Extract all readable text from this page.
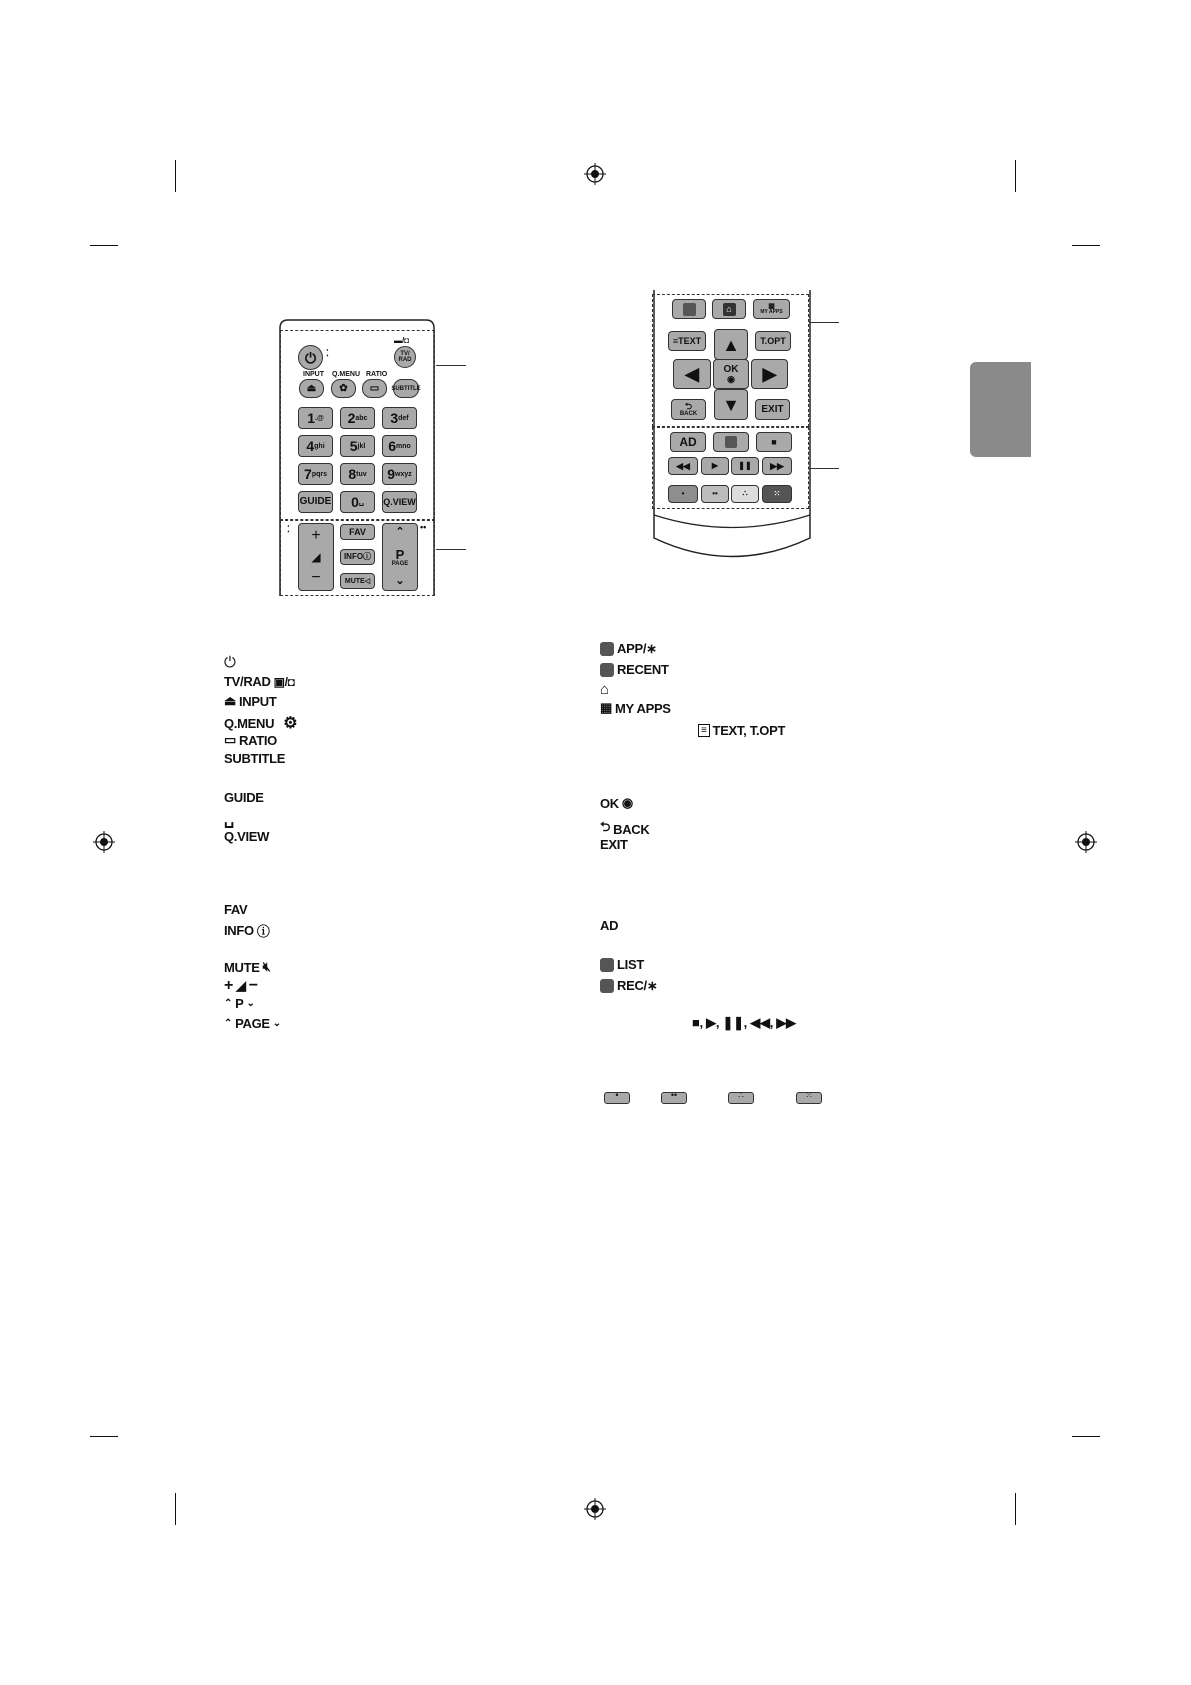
⏻	⁚
▬/◘
TV/
RAD
INPUT Q.MENU RATIO
⏏	✿	▭	SUBTITLE
1 .@ 2 abc 3 def
4 ghi 5 jkl 6 mno
7 pqrs 8 tuv 9 wxyz
GUIDE 0 ␣ Q.VIEW
⁚ +
◢
−
FAV
INFO ⓘ
MUTE ◁
••
⌃
P
PAGE
⌄
⌂	▦
MY APPS
≡ TEXT	T.OPT
▲
◀	OK
◉	▶
▼
⮌
BACK	EXIT
AD	■
◀◀	▶	❚❚	▶▶
•	••	∴	⁙
⏻
TV/RAD ▣/◘
⏏ INPUT
Q.MENU ⚙
▭ RATIO
SUBTITLE
GUIDE
␣
Q.VIEW
FAV
INFO ⓘ
MUTE 🔇︎
+ ◢ −
⌃ P ⌄
⌃ PAGE ⌄
APP/∗
RECENT
⌂
▦ MY APPS
≡ TEXT, T.OPT
OK ◉
⮌ BACK
EXIT
AD
LIST
REC/∗
■, ▶, ❚❚, ◀◀, ▶▶
•	••	∴	⁙
